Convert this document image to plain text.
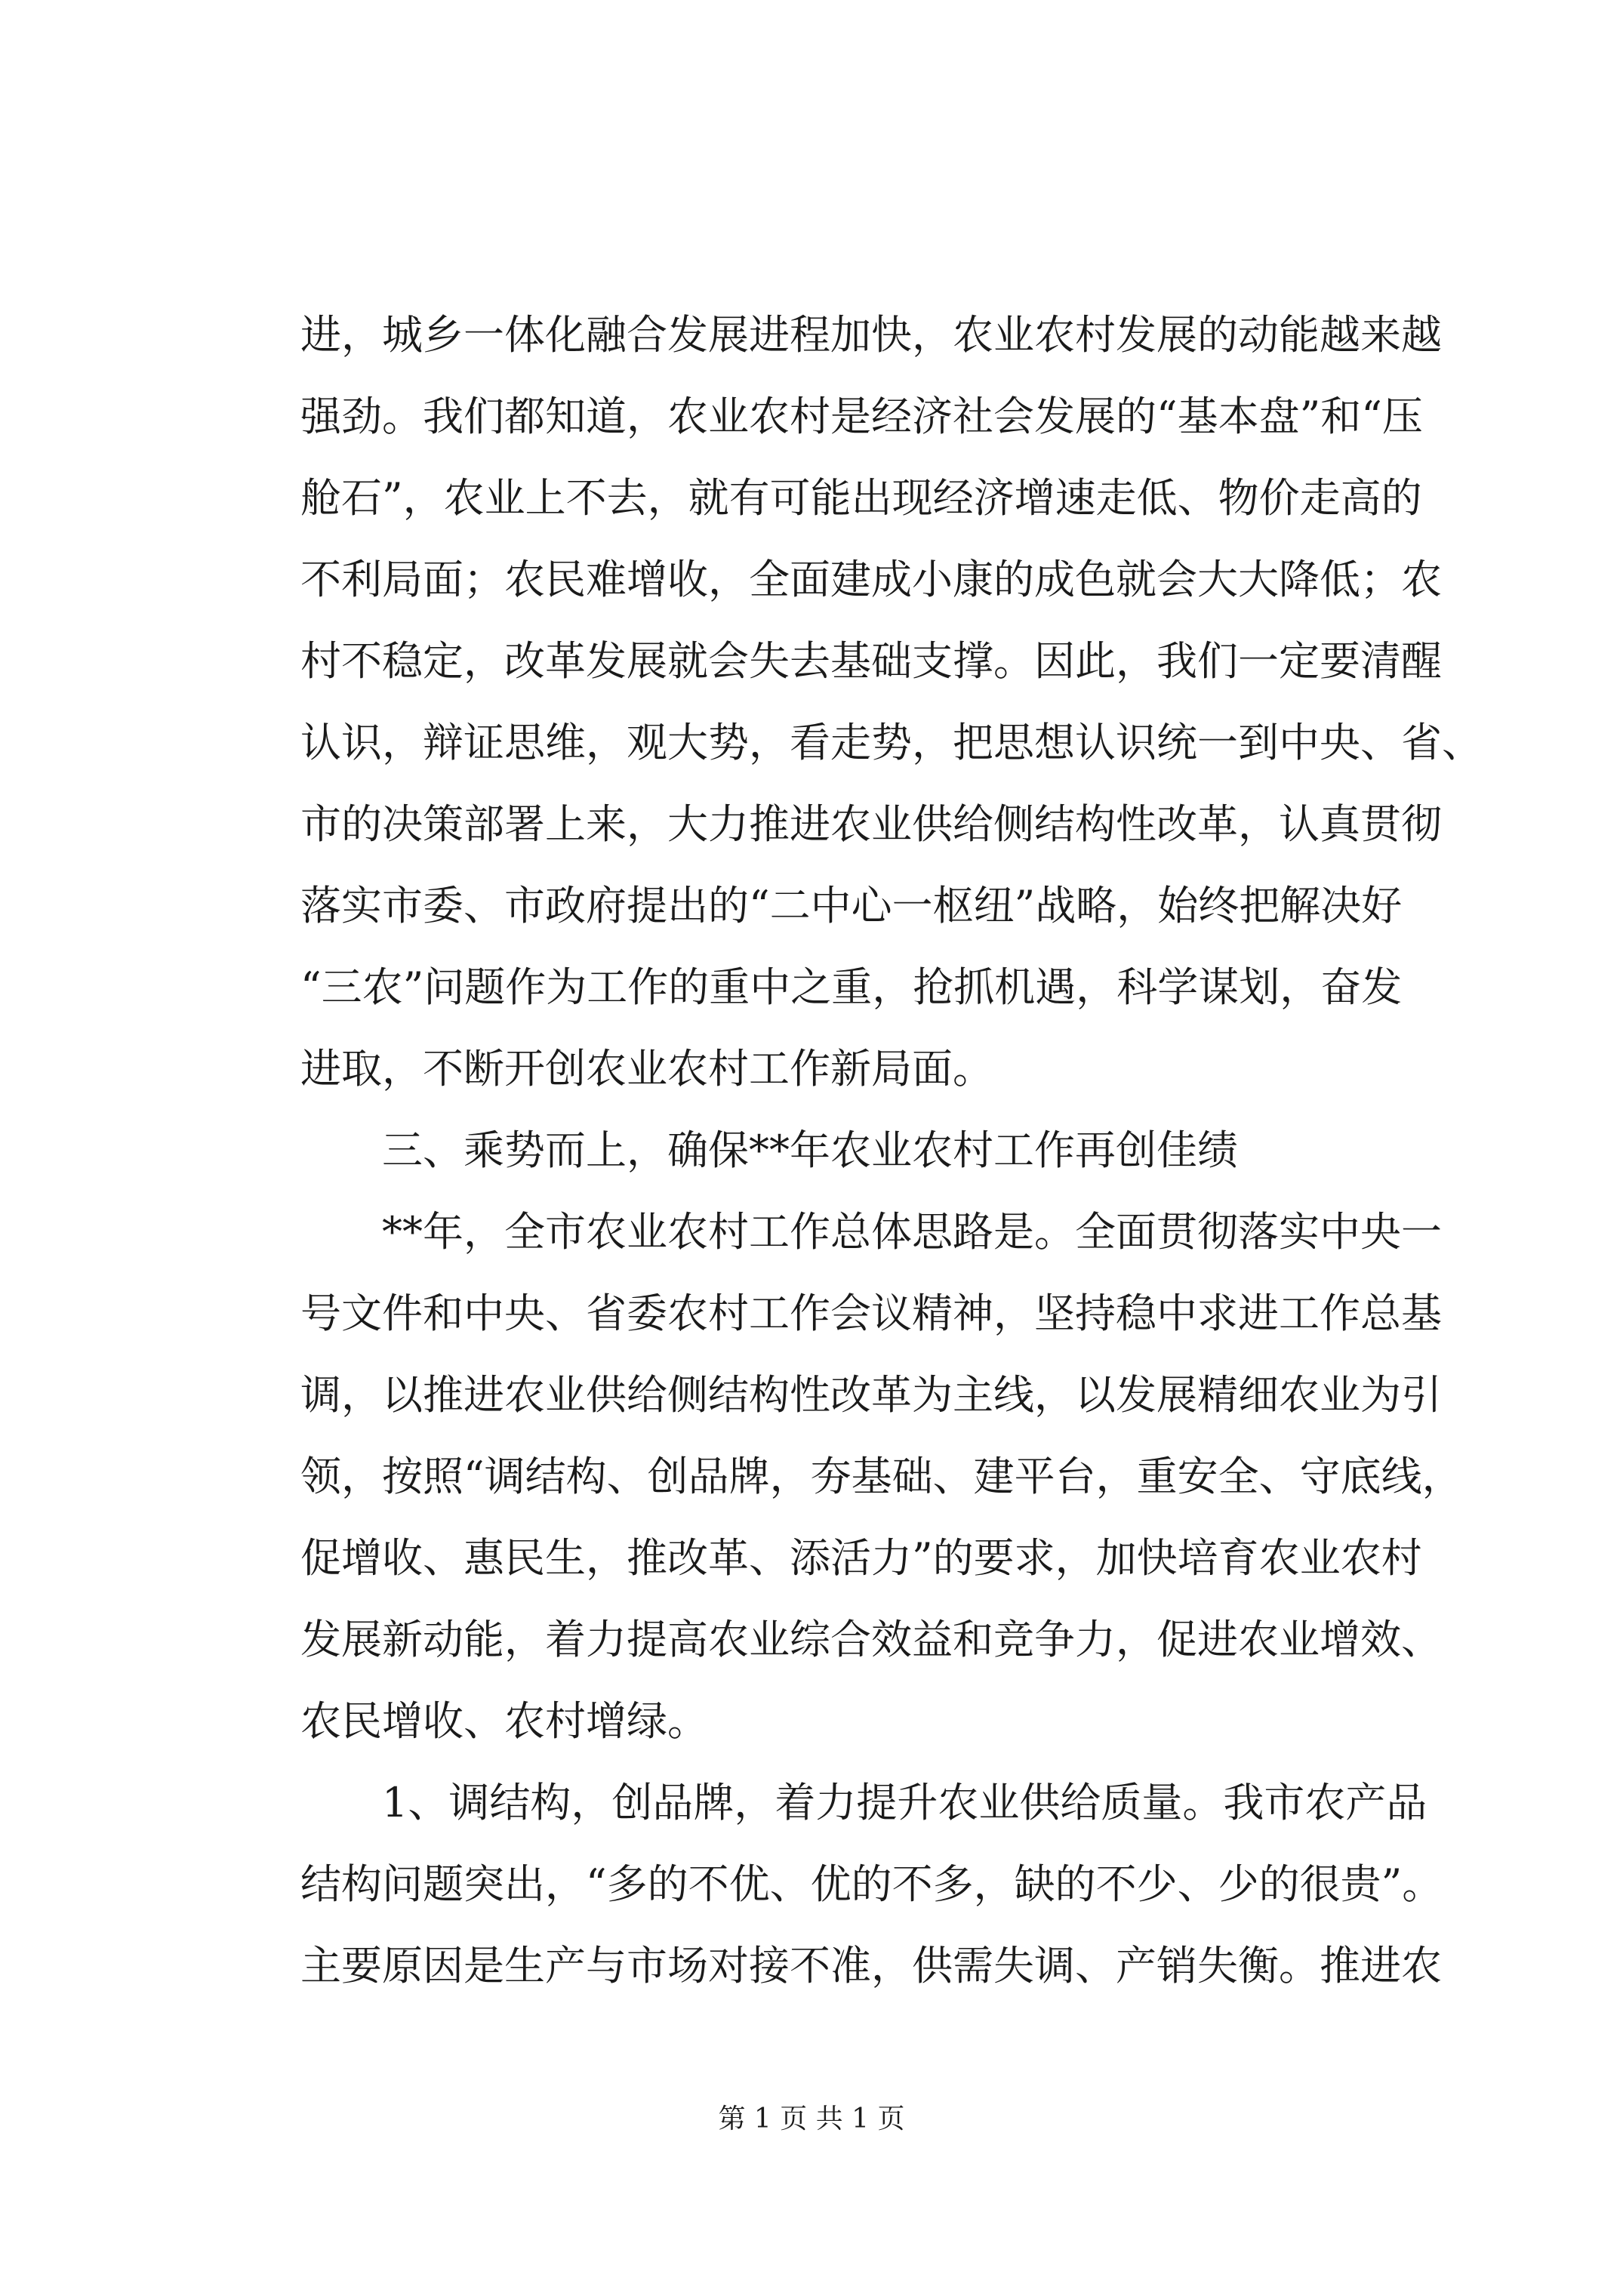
进，城乡一体化融合发展进程加快，农业农村发展的动能越来越
强劲。我们都知道，农业农村是经济社会发展的“基本盘”和“压
舱石”，农业上不去，就有可能出现经济增速走低、物价走高的
不利局面；农民难增收，全面建成小康的成色就会大大降低；农
村不稳定，改革发展就会失去基础支撑。因此，我们一定要清醒
认识，辩证思维，观大势，看走势，把思想认识统一到中央、省、
市的决策部署上来，大力推进农业供给侧结构性改革，认真贯彻
落实市委、市政府提出的“二中心一枢纽”战略，始终把解决好
“三农”问题作为工作的重中之重，抢抓机遇，科学谋划，奋发
进取，不断开创农业农村工作新局面。
三、乘势而上，确保**年农业农村工作再创佳绩
**年，全市农业农村工作总体思路是。全面贯彻落实中央一
号文件和中央、省委农村工作会议精神，坚持稳中求进工作总基
调，以推进农业供给侧结构性改革为主线，以发展精细农业为引
领，按照“调结构、创品牌，夯基础、建平台，重安全、守底线，
促增收、惠民生，推改革、添活力”的要求，加快培育农业农村
发展新动能，着力提高农业综合效益和竞争力，促进农业增效、
农民增收、农村增绿。
1、调结构，创品牌，着力提升农业供给质量。我市农产品
结构问题突出，“多的不优、优的不多，缺的不少、少的很贵”。
主要原因是生产与市场对接不准，供需失调、产销失衡。推进农
第 1 页 共 1 页
